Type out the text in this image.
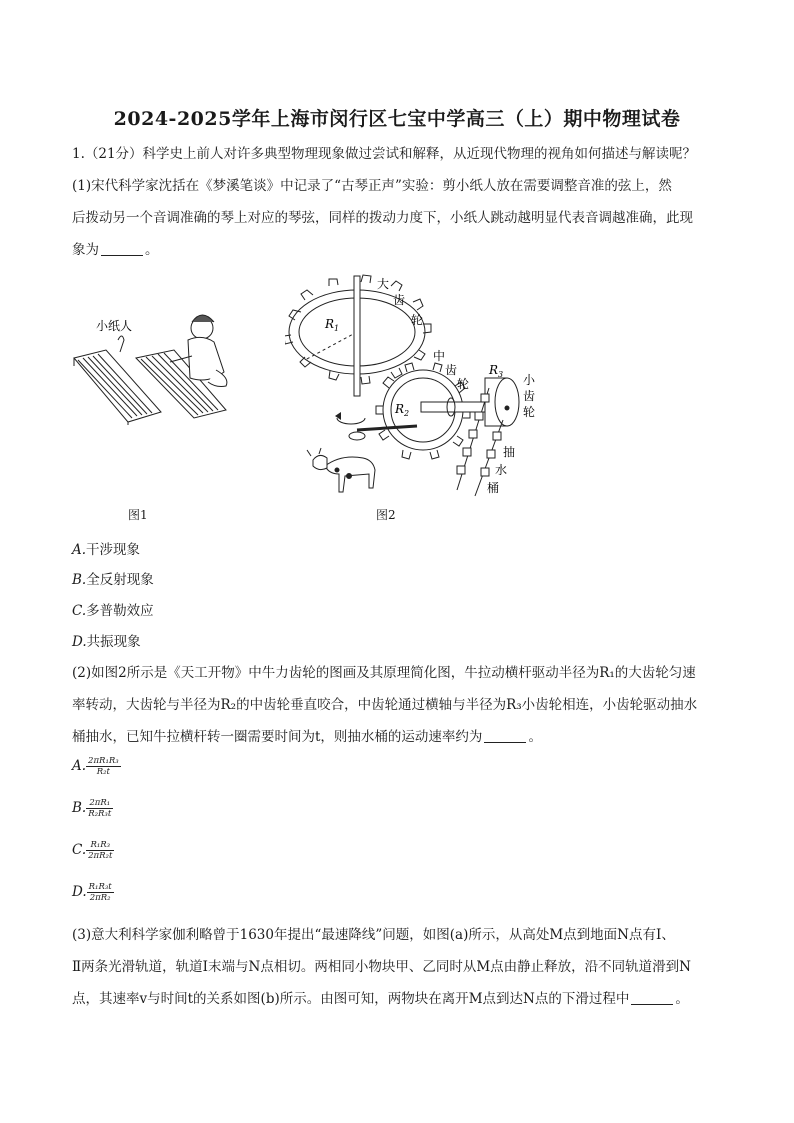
2024-2025学年上海市闵行区七宝中学高三（上）期中物理试卷
1.（21分）科学史上前人对许多典型物理现象做过尝试和解释，从近现代物理的视角如何描述与解读呢？
(1)宋代科学家沈括在《梦溪笔谈》中记录了“古琴正声”实验：剪小纸人放在需要调整音准的弦上，然
后拨动另一个音调准确的琴上对应的琴弦，同样的拨动力度下，小纸人跳动越明显代表音调越准确，此现
象为	。
小纸人
图1
$R_1$
大
齿
轮
$R_2$
中
齿
轮
$R_3$ 小
齿
轮
抽
水
桶
图2
A.干涉现象
B.全反射现象
C.多普勒效应
D.共振现象
(2)如图2所示是《天工开物》中牛力齿轮的图画及其原理简化图，牛拉动横杆驱动半径为R₁的大齿轮匀速
率转动，大齿轮与半径为R₂的中齿轮垂直咬合，中齿轮通过横轴与半径为R₃小齿轮相连，小齿轮驱动抽水
桶抽水，已知牛拉横杆转一圈需要时间为t，则抽水桶的运动速率约为	。
A. $\frac{\text{2πR₁R₃}}{\text{R₂t}}$
B. $\frac{\text{2πR₁}}{\text{R₂R₃t}}$
C. $\frac{\text{R₁R₃}}{\text{2πR₂t}}$
D. $\frac{\text{R₁R₃t}}{\text{2πR₂}}$
(3)意大利科学家伽利略曾于1630年提出“最速降线”问题，如图(a)所示，从高处M点到地面N点有Ⅰ、
Ⅱ两条光滑轨道，轨道Ⅰ末端与N点相切。两相同小物块甲、乙同时从M点由静止释放，沿不同轨道滑到N
点，其速率v与时间t的关系如图(b)所示。由图可知，两物块在离开M点到达N点的下滑过程中	。
